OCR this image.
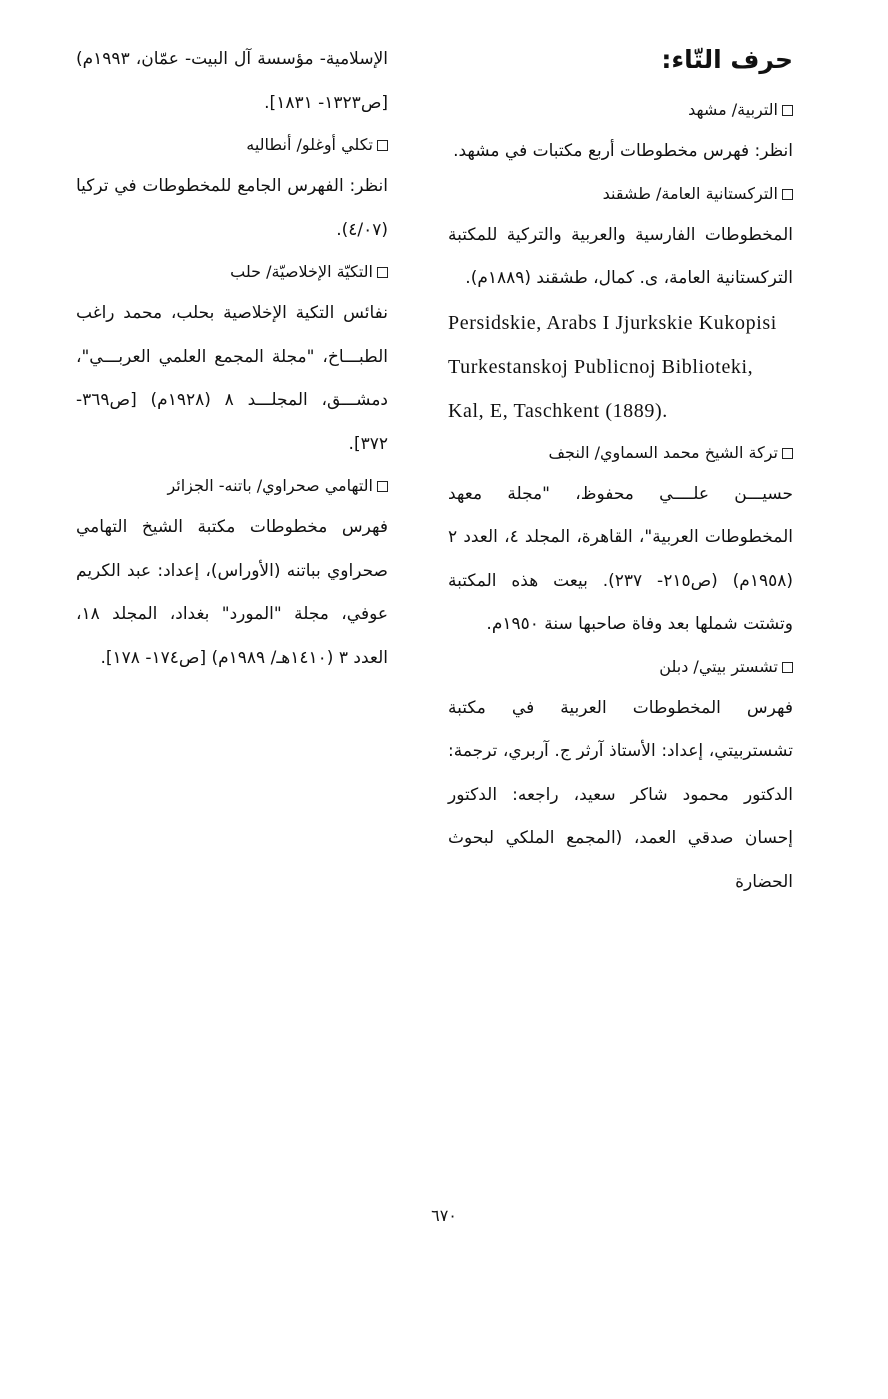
حرف التّاء:
التربية/ مشهد
انظر: فهرس مخطوطات أربع مكتبات في مشهد.
التركستانية العامة/ طشقند
المخطوطات الفارسية والعربية والتركية للمكتبة التركستانية العامة، ى. كمال، طشقند (١٨٨٩م).
Persidskie, Arabs I Jjurkskie Kukopisi Turkestanskoj Publicnoj Biblioteki, Kal, E, Taschkent (1889).
تركة الشيخ محمد السماوي/ النجف
حسيـــن علــــي محفوظ، "مجلة معهد المخطوطات العربية"، القاهرة، المجلد ٤، العدد ٢ (١٩٥٨م) (ص٢١٥- ٢٣٧). بيعت هذه المكتبة وتشتت شملها بعد وفاة صاحبها سنة ١٩٥٠م.
تشستر بيتي/ دبلن
فهرس المخطوطات العربية في مكتبة تشستربيتي، إعداد: الأستاذ آرثر ج. آربري، ترجمة: الدكتور محمود شاكر سعيد، راجعه: الدكتور إحسان صدقي العمد، (المجمع الملكي لبحوث الحضارة
الإسلامية- مؤسسة آل البيت- عمّان، ١٩٩٣م) [ص١٣٢٣- ١٨٣١].
تكلي أوغلو/ أنطاليه
انظر: الفهرس الجامع للمخطوطات في تركيا (٤/٠٧).
التكيّة الإخلاصيّة/ حلب
نفائس التكية الإخلاصية بحلب، محمد راغب الطبـــاخ، "مجلة المجمع العلمي العربـــي"، دمشـــق، المجلـــد ٨ (١٩٢٨م) [ص٣٦٩- ٣٧٢].
التهامي صحراوي/ باتنه- الجزائر
فهرس مخطوطات مكتبة الشيخ التهامي صحراوي بباتنه (الأوراس)، إعداد: عبد الكريم عوفي، مجلة "المورد" بغداد، المجلد ١٨، العدد ٣ (١٤١٠هـ/ ١٩٨٩م) [ص١٧٤- ١٧٨].
٦٧٠
